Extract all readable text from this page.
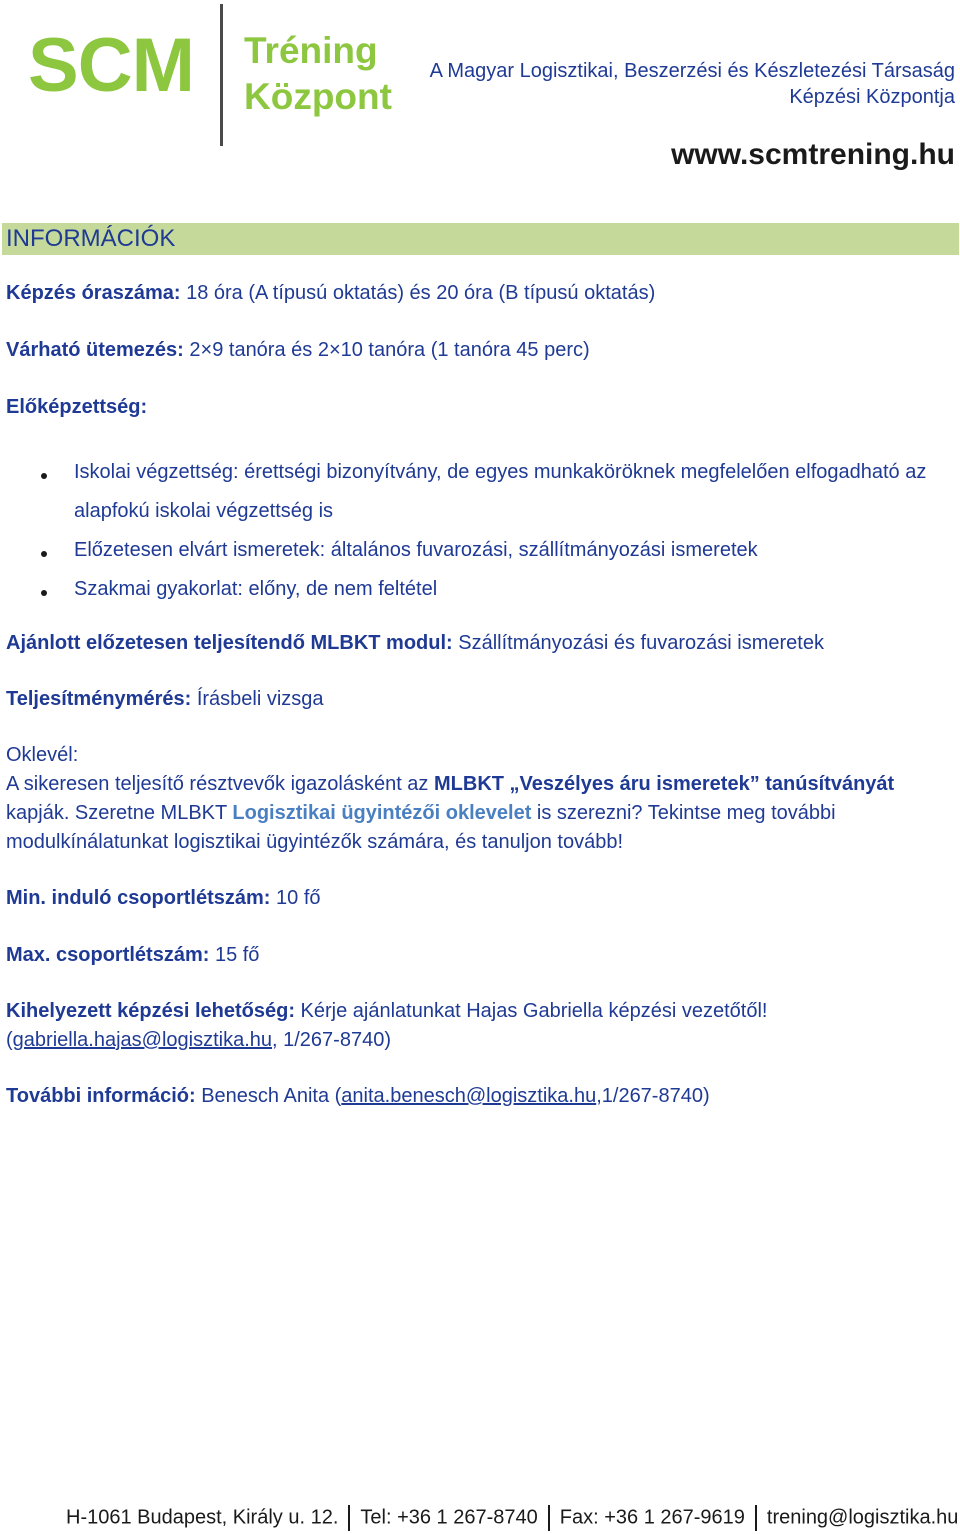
SCM Tréning
Központ
A Magyar Logisztikai, Beszerzési és Készletezési Társaság
Képzési Központja
www.scmtrening.hu
INFORMÁCIÓK
Képzés óraszáma: 18 óra (A típusú oktatás) és 20 óra (B típusú oktatás)
Várható ütemezés: 2×9 tanóra és 2×10 tanóra (1 tanóra 45 perc)
Előképzettség:
Iskolai végzettség: érettségi bizonyítvány, de egyes munkaköröknek megfelelően elfogadható az
alapfokú iskolai végzettség is
Előzetesen elvárt ismeretek: általános fuvarozási, szállítmányozási ismeretek
Szakmai gyakorlat: előny, de nem feltétel
Ajánlott előzetesen teljesítendő MLBKT modul: Szállítmányozási és fuvarozási ismeretek
Teljesítménymérés: Írásbeli vizsga
Oklevél:
A sikeresen teljesítő résztvevők igazolásként az MLBKT „Veszélyes áru ismeretek” tanúsítványát
kapják. Szeretne MLBKT Logisztikai ügyintézői oklevelet is szerezni? Tekintse meg további
modulkínálatunkat logisztikai ügyintézők számára, és tanuljon tovább!
Min. induló csoportlétszám: 10 fő
Max. csoportlétszám: 15 fő
Kihelyezett képzési lehetőség: Kérje ajánlatunkat Hajas Gabriella képzési vezetőtől!
(gabriella.hajas@logisztika.hu, 1/267-8740)
További információ: Benesch Anita (anita.benesch@logisztika.hu,1/267-8740)
H-1061 Budapest, Király u. 12. Tel: +36 1 267-8740 Fax: +36 1 267-9619 trening@logisztika.hu
